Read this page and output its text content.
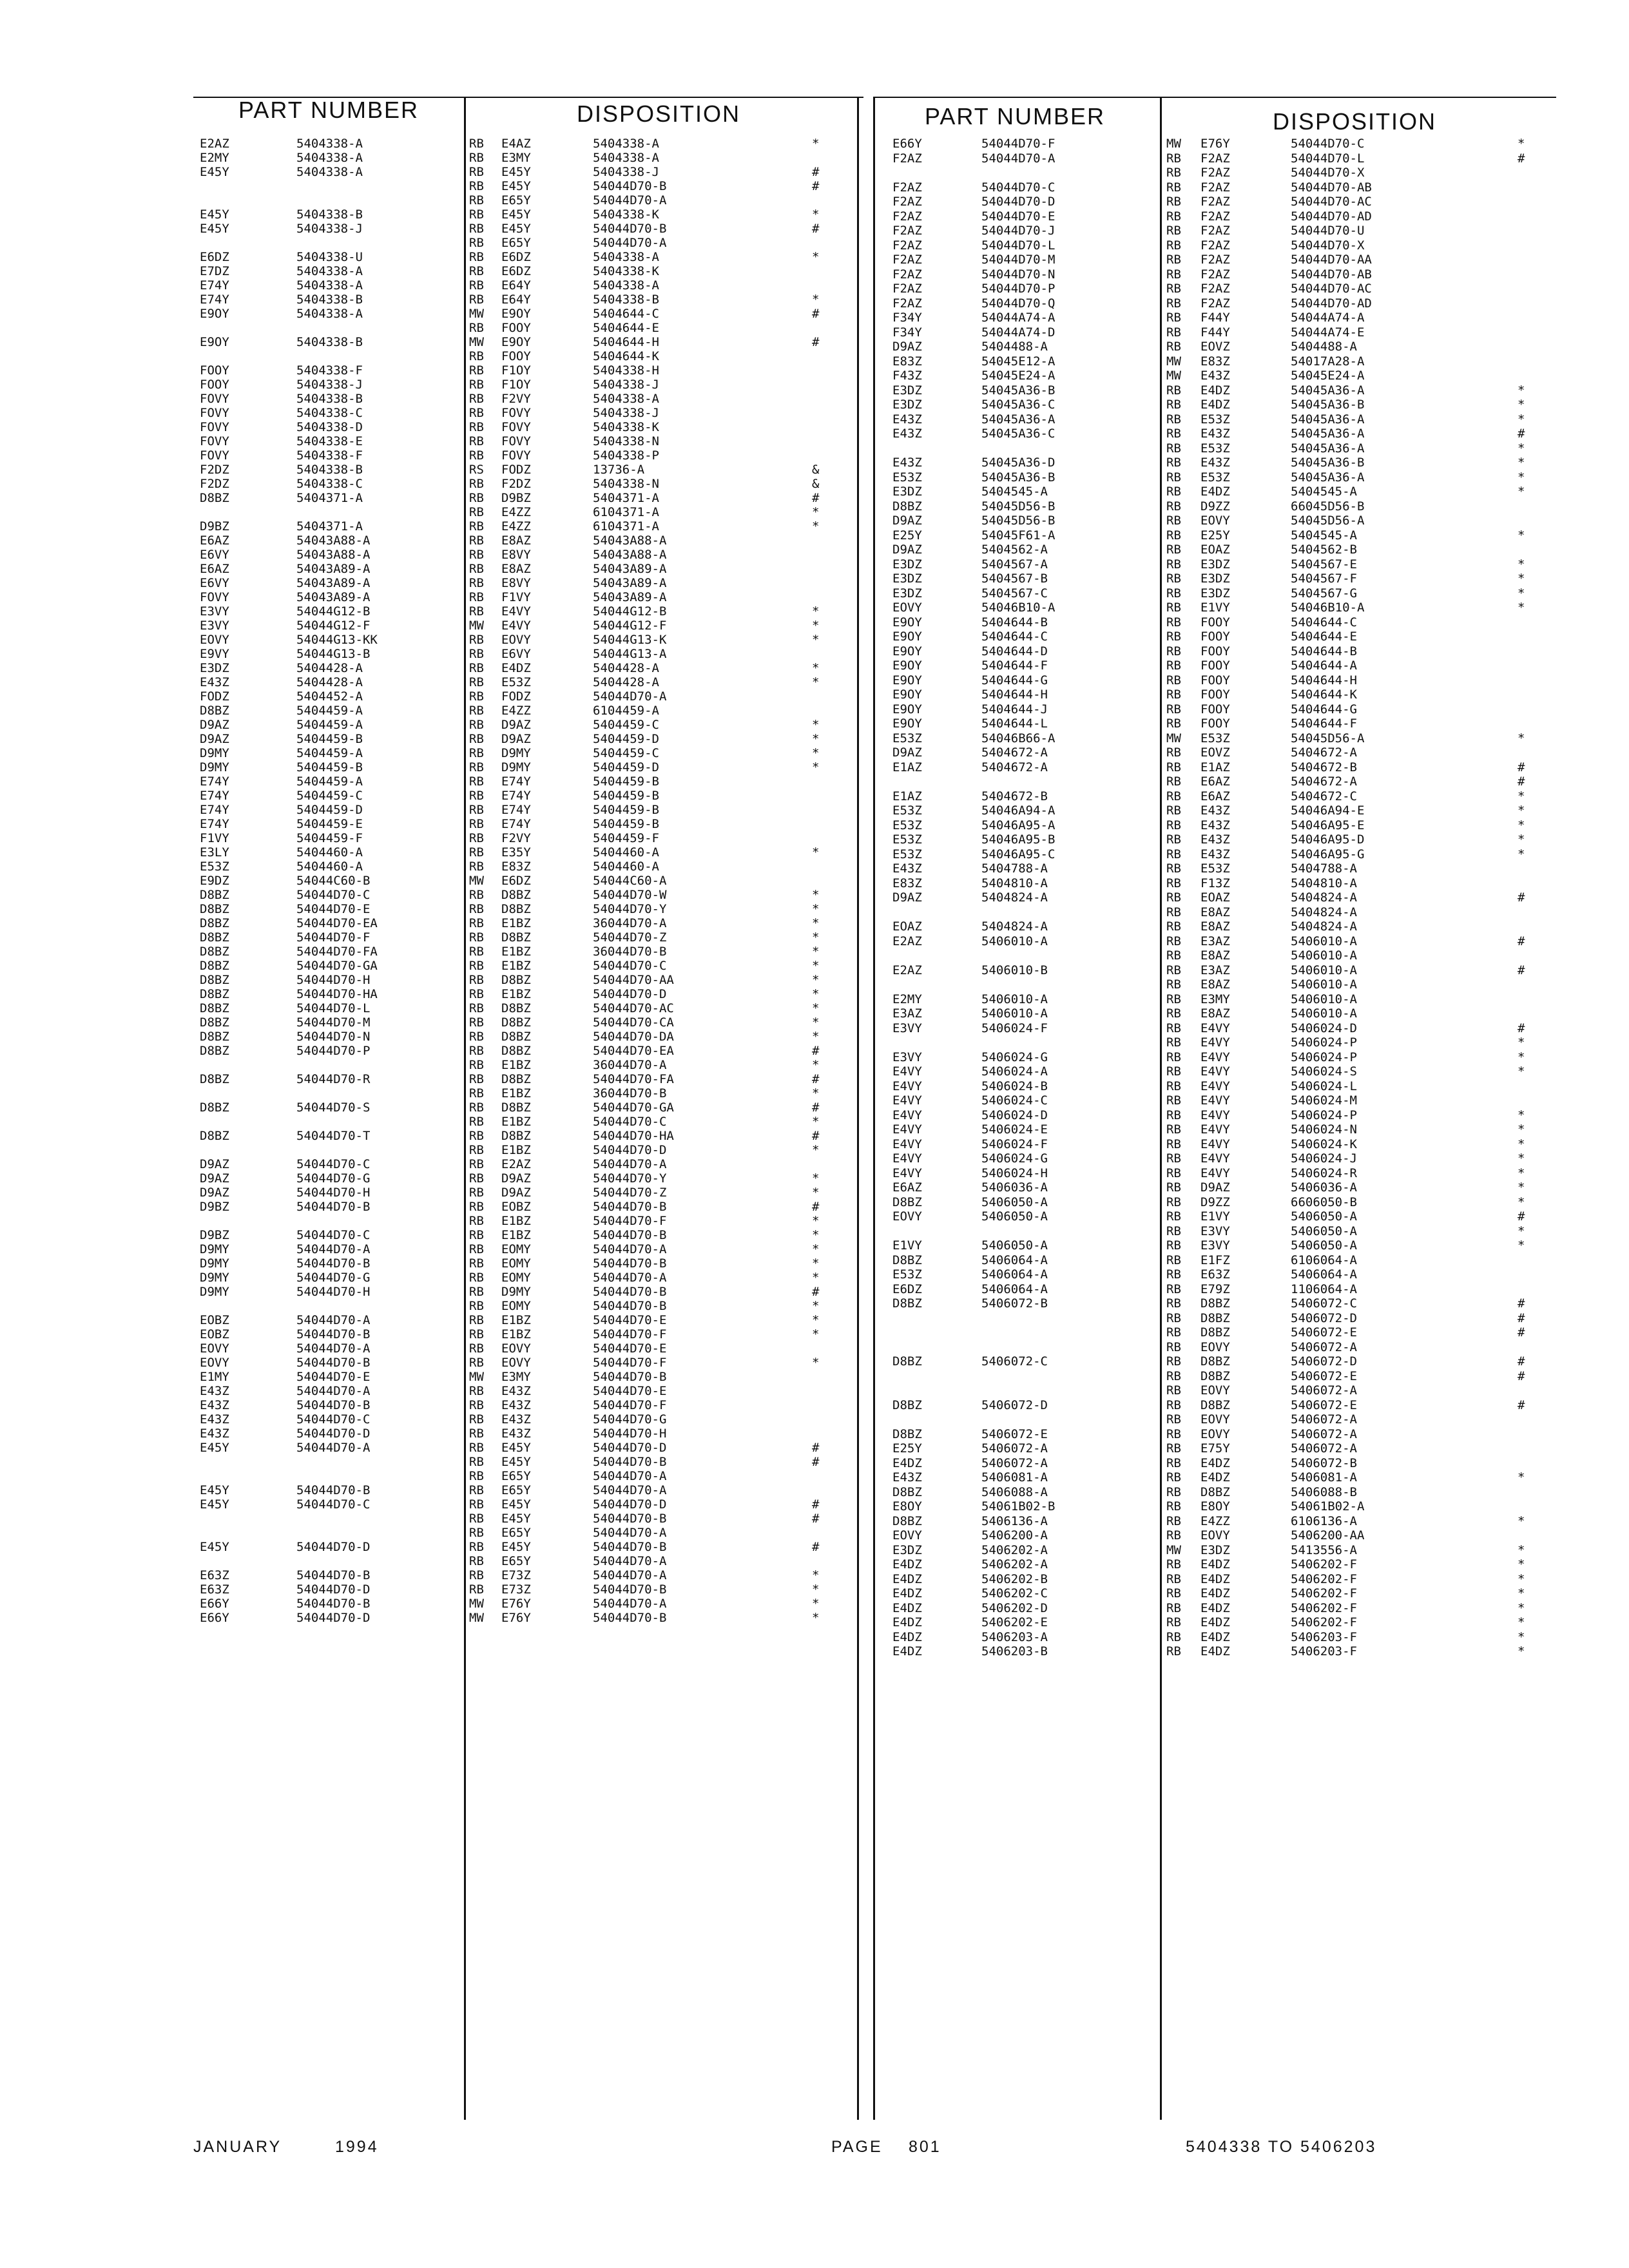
PART NUMBER	DISPOSITION
E2AZ	5404338-A	RB E4AZ	5404338-A	*
E2MY	5404338-A	RB E3MY	5404338-A
E45Y	5404338-A	RB E45Y	5404338-J	#
RB E45Y	54044D70-B	#
RB E65Y	54044D70-A
E45Y	5404338-B	RB E45Y	5404338-K	*
E45Y	5404338-J	RB E45Y	54044D70-B	#
RB E65Y	54044D70-A
E6DZ	5404338-U	RB E6DZ	5404338-A	*
E7DZ	5404338-A	RB E6DZ	5404338-K
E74Y	5404338-A	RB E64Y	5404338-A
E74Y	5404338-B	RB E64Y	5404338-B	*
E9OY	5404338-A	MW E9OY	5404644-C	#
RB FOOY	5404644-E
E9OY	5404338-B	MW E9OY	5404644-H	#
RB FOOY	5404644-K
FOOY	5404338-F	RB F1OY	5404338-H
FOOY	5404338-J	RB F1OY	5404338-J
FOVY	5404338-B	RB F2VY	5404338-A
FOVY	5404338-C	RB FOVY	5404338-J
FOVY	5404338-D	RB FOVY	5404338-K
FOVY	5404338-E	RB FOVY	5404338-N
FOVY	5404338-F	RB FOVY	5404338-P
F2DZ	5404338-B	RS FODZ	13736-A	&
F2DZ	5404338-C	RB F2DZ	5404338-N	&
D8BZ	5404371-A	RB D9BZ	5404371-A	#
RB E4ZZ	6104371-A	*
D9BZ	5404371-A	RB E4ZZ	6104371-A	*
E6AZ	54043A88-A	RB E8AZ	54043A88-A
E6VY	54043A88-A	RB E8VY	54043A88-A
E6AZ	54043A89-A	RB E8AZ	54043A89-A
E6VY	54043A89-A	RB E8VY	54043A89-A
FOVY	54043A89-A	RB F1VY	54043A89-A
E3VY	54044G12-B	RB E4VY	54044G12-B	*
E3VY	54044G12-F	MW E4VY	54044G12-F	*
EOVY	54044G13-KK	RB EOVY	54044G13-K	*
E9VY	54044G13-B	RB E6VY	54044G13-A
E3DZ	5404428-A	RB E4DZ	5404428-A	*
E43Z	5404428-A	RB E53Z	5404428-A	*
FODZ	5404452-A	RB FODZ	54044D70-A
D8BZ	5404459-A	RB E4ZZ	6104459-A
D9AZ	5404459-A	RB D9AZ	5404459-C	*
D9AZ	5404459-B	RB D9AZ	5404459-D	*
D9MY	5404459-A	RB D9MY	5404459-C	*
D9MY	5404459-B	RB D9MY	5404459-D	*
E74Y	5404459-A	RB E74Y	5404459-B
E74Y	5404459-C	RB E74Y	5404459-B
E74Y	5404459-D	RB E74Y	5404459-B
E74Y	5404459-E	RB E74Y	5404459-B
F1VY	5404459-F	RB F2VY	5404459-F
E3LY	5404460-A	RB E35Y	5404460-A	*
E53Z	5404460-A	RB E83Z	5404460-A
E9DZ	54044C60-B	MW E6DZ	54044C60-A
D8BZ	54044D70-C	RB D8BZ	54044D70-W	*
D8BZ	54044D70-E	RB D8BZ	54044D70-Y	*
D8BZ	54044D70-EA	RB E1BZ	36044D70-A	*
D8BZ	54044D70-F	RB D8BZ	54044D70-Z	*
D8BZ	54044D70-FA	RB E1BZ	36044D70-B	*
D8BZ	54044D70-GA	RB E1BZ	54044D70-C	*
D8BZ	54044D70-H	RB D8BZ	54044D70-AA	*
D8BZ	54044D70-HA	RB E1BZ	54044D70-D	*
D8BZ	54044D70-L	RB D8BZ	54044D70-AC	*
D8BZ	54044D70-M	RB D8BZ	54044D70-CA	*
D8BZ	54044D70-N	RB D8BZ	54044D70-DA	*
D8BZ	54044D70-P	RB D8BZ	54044D70-EA	#
RB E1BZ	36044D70-A	*
D8BZ	54044D70-R	RB D8BZ	54044D70-FA	#
RB E1BZ	36044D70-B	*
D8BZ	54044D70-S	RB D8BZ	54044D70-GA	#
RB E1BZ	54044D70-C	*
D8BZ	54044D70-T	RB D8BZ	54044D70-HA	#
RB E1BZ	54044D70-D	*
D9AZ	54044D70-C	RB E2AZ	54044D70-A
D9AZ	54044D70-G	RB D9AZ	54044D70-Y	*
D9AZ	54044D70-H	RB D9AZ	54044D70-Z	*
D9BZ	54044D70-B	RB EOBZ	54044D70-B	#
RB E1BZ	54044D70-F	*
D9BZ	54044D70-C	RB E1BZ	54044D70-B	*
D9MY	54044D70-A	RB EOMY	54044D70-A	*
D9MY	54044D70-B	RB EOMY	54044D70-B	*
D9MY	54044D70-G	RB EOMY	54044D70-A	*
D9MY	54044D70-H	RB D9MY	54044D70-B	#
RB EOMY	54044D70-B	*
EOBZ	54044D70-A	RB E1BZ	54044D70-E	*
EOBZ	54044D70-B	RB E1BZ	54044D70-F	*
EOVY	54044D70-A	RB EOVY	54044D70-E
EOVY	54044D70-B	RB EOVY	54044D70-F	*
E1MY	54044D70-E	MW E3MY	54044D70-B
E43Z	54044D70-A	RB E43Z	54044D70-E
E43Z	54044D70-B	RB E43Z	54044D70-F
E43Z	54044D70-C	RB E43Z	54044D70-G
E43Z	54044D70-D	RB E43Z	54044D70-H
E45Y	54044D70-A	RB E45Y	54044D70-D	#
RB E45Y	54044D70-B	#
RB E65Y	54044D70-A
E45Y	54044D70-B	RB E65Y	54044D70-A
E45Y	54044D70-C	RB E45Y	54044D70-D	#
RB E45Y	54044D70-B	#
RB E65Y	54044D70-A
E45Y	54044D70-D	RB E45Y	54044D70-B	#
RB E65Y	54044D70-A
E63Z	54044D70-B	RB E73Z	54044D70-A	*
E63Z	54044D70-D	RB E73Z	54044D70-B	*
E66Y	54044D70-B	MW E76Y	54044D70-A	*
E66Y	54044D70-D	MW E76Y	54044D70-B	*
PART NUMBER	DISPOSITION
E66Y	54044D70-F	MW E76Y	54044D70-C	*
F2AZ	54044D70-A	RB F2AZ	54044D70-L	#
RB F2AZ	54044D70-X
F2AZ	54044D70-C	RB F2AZ	54044D70-AB
F2AZ	54044D70-D	RB F2AZ	54044D70-AC
F2AZ	54044D70-E	RB F2AZ	54044D70-AD
F2AZ	54044D70-J	RB F2AZ	54044D70-U
F2AZ	54044D70-L	RB F2AZ	54044D70-X
F2AZ	54044D70-M	RB F2AZ	54044D70-AA
F2AZ	54044D70-N	RB F2AZ	54044D70-AB
F2AZ	54044D70-P	RB F2AZ	54044D70-AC
F2AZ	54044D70-Q	RB F2AZ	54044D70-AD
F34Y	54044A74-A	RB F44Y	54044A74-A
F34Y	54044A74-D	RB F44Y	54044A74-E
D9AZ	5404488-A	RB EOVZ	5404488-A
E83Z	54045E12-A	MW E83Z	54017A28-A
F43Z	54045E24-A	MW E43Z	54045E24-A
E3DZ	54045A36-B	RB E4DZ	54045A36-A	*
E3DZ	54045A36-C	RB E4DZ	54045A36-B	*
E43Z	54045A36-A	RB E53Z	54045A36-A	*
E43Z	54045A36-C	RB E43Z	54045A36-A	#
RB E53Z	54045A36-A	*
E43Z	54045A36-D	RB E43Z	54045A36-B	*
E53Z	54045A36-B	RB E53Z	54045A36-A	*
E3DZ	5404545-A	RB E4DZ	5404545-A	*
D8BZ	54045D56-B	RB D9ZZ	66045D56-B
D9AZ	54045D56-B	RB EOVY	54045D56-A
E25Y	54045F61-A	RB E25Y	5404545-A	*
D9AZ	5404562-A	RB EOAZ	5404562-B
E3DZ	5404567-A	RB E3DZ	5404567-E	*
E3DZ	5404567-B	RB E3DZ	5404567-F	*
E3DZ	5404567-C	RB E3DZ	5404567-G	*
EOVY	54046B10-A	RB E1VY	54046B10-A	*
E9OY	5404644-B	RB FOOY	5404644-C
E9OY	5404644-C	RB FOOY	5404644-E
E9OY	5404644-D	RB FOOY	5404644-B
E9OY	5404644-F	RB FOOY	5404644-A
E9OY	5404644-G	RB FOOY	5404644-H
E9OY	5404644-H	RB FOOY	5404644-K
E9OY	5404644-J	RB FOOY	5404644-G
E9OY	5404644-L	RB FOOY	5404644-F
E53Z	54046B66-A	MW E53Z	54045D56-A	*
D9AZ	5404672-A	RB EOVZ	5404672-A
E1AZ	5404672-A	RB E1AZ	5404672-B	#
RB E6AZ	5404672-A	#
E1AZ	5404672-B	RB E6AZ	5404672-C	*
E53Z	54046A94-A	RB E43Z	54046A94-E	*
E53Z	54046A95-A	RB E43Z	54046A95-E	*
E53Z	54046A95-B	RB E43Z	54046A95-D	*
E53Z	54046A95-C	RB E43Z	54046A95-G	*
E43Z	5404788-A	RB E53Z	5404788-A
E83Z	5404810-A	RB F13Z	5404810-A
D9AZ	5404824-A	RB EOAZ	5404824-A	#
RB E8AZ	5404824-A
EOAZ	5404824-A	RB E8AZ	5404824-A
E2AZ	5406010-A	RB E3AZ	5406010-A	#
RB E8AZ	5406010-A
E2AZ	5406010-B	RB E3AZ	5406010-A	#
RB E8AZ	5406010-A
E2MY	5406010-A	RB E3MY	5406010-A
E3AZ	5406010-A	RB E8AZ	5406010-A
E3VY	5406024-F	RB E4VY	5406024-D	#
RB E4VY	5406024-P	*
E3VY	5406024-G	RB E4VY	5406024-P	*
E4VY	5406024-A	RB E4VY	5406024-S	*
E4VY	5406024-B	RB E4VY	5406024-L
E4VY	5406024-C	RB E4VY	5406024-M
E4VY	5406024-D	RB E4VY	5406024-P	*
E4VY	5406024-E	RB E4VY	5406024-N	*
E4VY	5406024-F	RB E4VY	5406024-K	*
E4VY	5406024-G	RB E4VY	5406024-J	*
E4VY	5406024-H	RB E4VY	5406024-R	*
E6AZ	5406036-A	RB D9AZ	5406036-A	*
D8BZ	5406050-A	RB D9ZZ	6606050-B	*
EOVY	5406050-A	RB E1VY	5406050-A	#
RB E3VY	5406050-A	*
E1VY	5406050-A	RB E3VY	5406050-A	*
D8BZ	5406064-A	RB E1FZ	6106064-A
E53Z	5406064-A	RB E63Z	5406064-A
E6DZ	5406064-A	RB E79Z	1106064-A
D8BZ	5406072-B	RB D8BZ	5406072-C	#
RB D8BZ	5406072-D	#
RB D8BZ	5406072-E	#
RB EOVY	5406072-A
D8BZ	5406072-C	RB D8BZ	5406072-D	#
RB D8BZ	5406072-E	#
RB EOVY	5406072-A
D8BZ	5406072-D	RB D8BZ	5406072-E	#
RB EOVY	5406072-A
D8BZ	5406072-E	RB EOVY	5406072-A
E25Y	5406072-A	RB E75Y	5406072-A
E4DZ	5406072-A	RB E4DZ	5406072-B
E43Z	5406081-A	RB E4DZ	5406081-A	*
D8BZ	5406088-A	RB D8BZ	5406088-B
E8OY	54061B02-B	RB E8OY	54061B02-A
D8BZ	5406136-A	RB E4ZZ	6106136-A	*
EOVY	5406200-A	RB EOVY	5406200-AA
E3DZ	5406202-A	MW E3DZ	5413556-A	*
E4DZ	5406202-A	RB E4DZ	5406202-F	*
E4DZ	5406202-B	RB E4DZ	5406202-F	*
E4DZ	5406202-C	RB E4DZ	5406202-F	*
E4DZ	5406202-D	RB E4DZ	5406202-F	*
E4DZ	5406202-E	RB E4DZ	5406202-F	*
E4DZ	5406203-A	RB E4DZ	5406203-F	*
E4DZ	5406203-B	RB E4DZ	5406203-F	*
JANUARY	1994	PAGE 801	5404338 TO 5406203
